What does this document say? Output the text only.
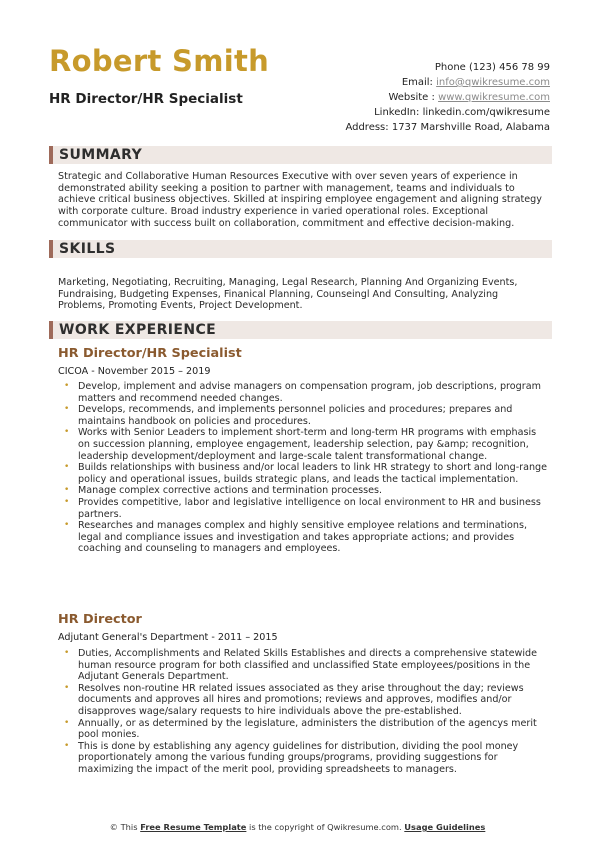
Robert Smith
HR Director/HR Specialist
Phone (123) 456 78 99
Email: info@qwikresume.com
Website : www.qwikresume.com
LinkedIn: linkedin.com/qwikresume
Address: 1737 Marshville Road, Alabama
SUMMARY
Strategic and Collaborative Human Resources Executive with over seven years of experience in demonstrated ability seeking a position to partner with management, teams and individuals to achieve critical business objectives. Skilled at inspiring employee engagement and aligning strategy with corporate culture. Broad industry experience in varied operational roles. Exceptional communicator with success built on collaboration, commitment and effective decision-making.
SKILLS
Marketing, Negotiating, Recruiting, Managing, Legal Research, Planning And Organizing Events, Fundraising, Budgeting Expenses, Finanical Planning, Counseingl And Consulting, Analyzing Problems, Promoting Events, Project Development.
WORK EXPERIENCE
HR Director/HR Specialist
CICOA - November 2015 – 2019
• Develop, implement and advise managers on compensation program, job descriptions, program matters and recommend needed changes.
• Develops, recommends, and implements personnel policies and procedures; prepares and maintains handbook on policies and procedures.
• Works with Senior Leaders to implement short-term and long-term HR programs with emphasis on succession planning, employee engagement, leadership selection, pay &amp; recognition, leadership development/deployment and large-scale talent transformational change.
• Builds relationships with business and/or local leaders to link HR strategy to short and long-range policy and operational issues, builds strategic plans, and leads the tactical implementation.
• Manage complex corrective actions and termination processes.
• Provides competitive, labor and legislative intelligence on local environment to HR and business partners.
• Researches and manages complex and highly sensitive employee relations and terminations, legal and compliance issues and investigation and takes appropriate actions; and provides coaching and counseling to managers and employees.
HR Director
Adjutant General's Department - 2011 – 2015
• Duties, Accomplishments and Related Skills Establishes and directs a comprehensive statewide human resource program for both classified and unclassified State employees/positions in the Adjutant Generals Department.
• Resolves non-routine HR related issues associated as they arise throughout the day; reviews documents and approves all hires and promotions; reviews and approves, modifies and/or disapproves wage/salary requests to hire individuals above the pre-established.
• Annually, or as determined by the legislature, administers the distribution of the agencys merit pool monies.
• This is done by establishing any agency guidelines for distribution, dividing the pool money proportionately among the various funding groups/programs, providing suggestions for maximizing the impact of the merit pool, providing spreadsheets to managers.
© This Free Resume Template is the copyright of Qwikresume.com. Usage Guidelines
